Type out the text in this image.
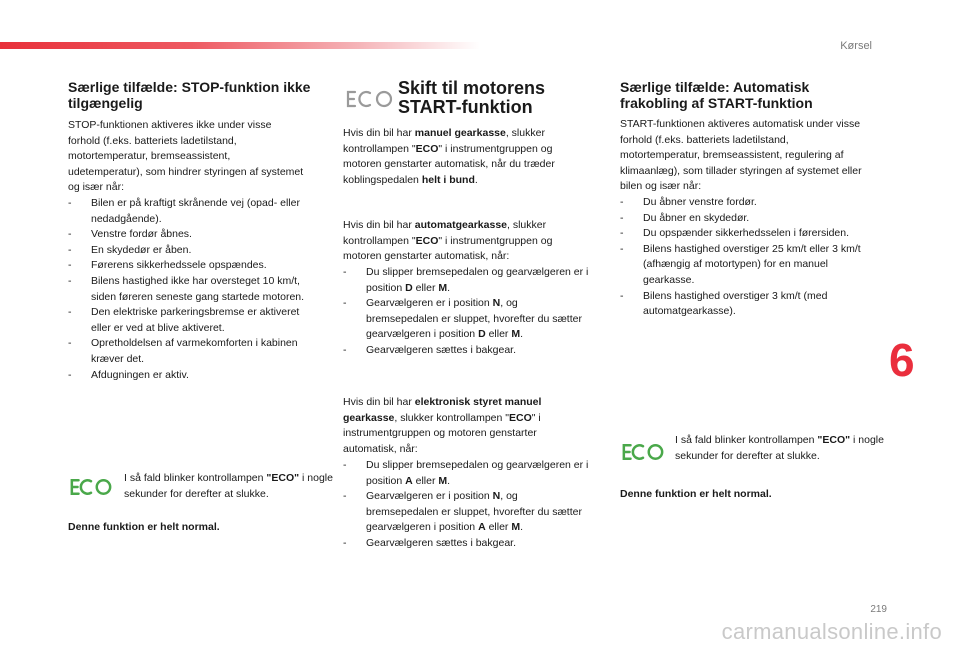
Kørsel
Særlige tilfælde: STOP-funktion ikke tilgængelig
STOP-funktionen aktiveres ikke under visse forhold (f.eks. batteriets ladetilstand, motortemperatur, bremseassistent, udetemperatur), som hindrer styringen af systemet og især når:
- Bilen er på kraftigt skrånende vej (opad- eller nedadgående).
- Venstre fordør åbnes.
- En skydedør er åben.
- Førerens sikkerhedssele opspændes.
- Bilens hastighed ikke har oversteget 10 km/t, siden føreren seneste gang startede motoren.
- Den elektriske parkeringsbremse er aktiveret eller er ved at blive aktiveret.
- Opretholdelsen af varmekomforten i kabinen kræver det.
- Afdugningen er aktiv.
I så fald blinker kontrollampen "ECO" i nogle sekunder for derefter at slukke.
Denne funktion er helt normal.
Skift til motorens
START-funktion
Hvis din bil har manuel gearkasse, slukker kontrollampen "ECO" i instrumentgruppen og motoren genstarter automatisk, når du træder koblingspedalen helt i bund.
Hvis din bil har automatgearkasse, slukker kontrollampen "ECO" i instrumentgruppen og motoren genstarter automatisk, når:
- Du slipper bremsepedalen og gearvælgeren er i position D eller M.
- Gearvælgeren er i position N, og bremsepedalen er sluppet, hvorefter du sætter gearvælgeren i position D eller M.
- Gearvælgeren sættes i bakgear.
Hvis din bil har elektronisk styret manuel gearkasse, slukker kontrollampen "ECO" i instrumentgruppen og motoren genstarter automatisk, når:
- Du slipper bremsepedalen og gearvælgeren er i position A eller M.
- Gearvælgeren er i position N, og bremsepedalen er sluppet, hvorefter du sætter gearvælgeren i position A eller M.
- Gearvælgeren sættes i bakgear.
Særlige tilfælde: Automatisk frakobling af START-funktion
START-funktionen aktiveres automatisk under visse forhold (f.eks. batteriets ladetilstand, motortemperatur, bremseassistent, regulering af klimaanlæg), som tillader styringen af systemet eller bilen og især når:
- Du åbner venstre fordør.
- Du åbner en skydedør.
- Du opspænder sikkerhedsselen i førersiden.
- Bilens hastighed overstiger 25 km/t eller 3 km/t (afhængig af motortypen) for en manuel gearkasse.
- Bilens hastighed overstiger 3 km/t (med automatgearkasse).
I så fald blinker kontrollampen "ECO" i nogle sekunder for derefter at slukke.
Denne funktion er helt normal.
6
219
carmanualsonline.info
